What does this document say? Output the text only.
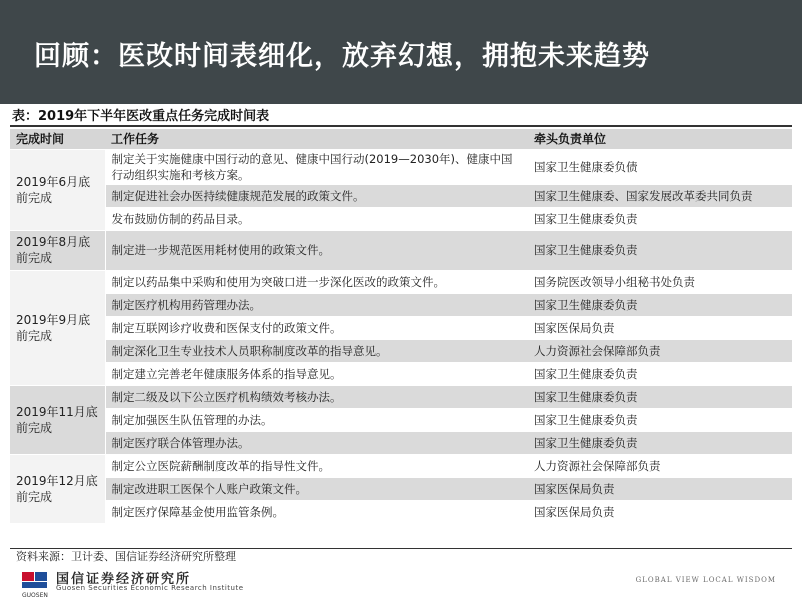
回顾：医改时间表细化，放弃幻想，拥抱未来趋势
表：2019年下半年医改重点任务完成时间表
完成时间	工作任务	牵头负责单位
2019年6月底前完成	制定关于实施健康中国行动的意见、健康中国行动(2019—2030年)、健康中国行动组织实施和考核方案。	国家卫生健康委负债
	制定促进社会办医持续健康规范发展的政策文件。	国家卫生健康委、国家发展改革委共同负责
	发布鼓励仿制的药品目录。	国家卫生健康委负责
2019年8月底前完成	制定进一步规范医用耗材使用的政策文件。	国家卫生健康委负责
2019年9月底前完成	制定以药品集中采购和使用为突破口进一步深化医改的政策文件。	国务院医改领导小组秘书处负责
	制定医疗机构用药管理办法。	国家卫生健康委负责
	制定互联网诊疗收费和医保支付的政策文件。	国家医保局负责
	制定深化卫生专业技术人员职称制度改革的指导意见。	人力资源社会保障部负责
	制定建立完善老年健康服务体系的指导意见。	国家卫生健康委负责
2019年11月底前完成	制定二级及以下公立医疗机构绩效考核办法。	国家卫生健康委负责
	制定加强医生队伍管理的办法。	国家卫生健康委负责
	制定医疗联合体管理办法。	国家卫生健康委负责
2019年12月底前完成	制定公立医院薪酬制度改革的指导性文件。	人力资源社会保障部负责
	制定改进职工医保个人账户政策文件。	国家医保局负责
	制定医疗保障基金使用监管条例。	国家医保局负责
资料来源：卫计委、国信证券经济研究所整理
国信证券经济研究所
Guosen Securities Economic Research Institute
GUOSEN
GLOBAL VIEW LOCAL WISDOM
